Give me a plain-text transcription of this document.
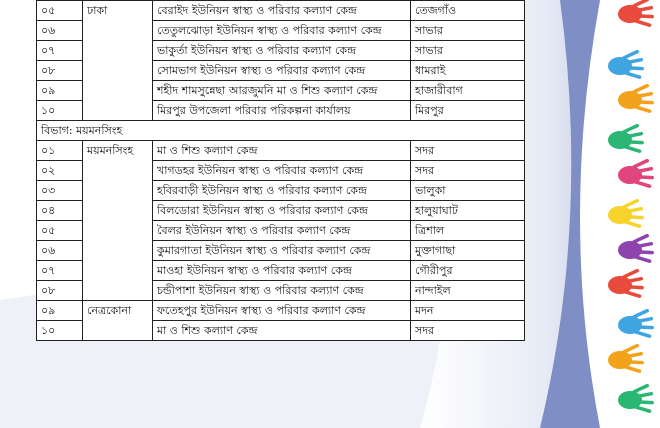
০৫	ঢাকা	বেরাইদ ইউনিয়ন স্বাস্থ্য ও পরিবার কল্যাণ কেন্দ্র	তেজগাঁও
০৬		তেতুলঝোড়া ইউনিয়ন স্বাস্থ্য ও পরিবার কল্যাণ কেন্দ্র	সাভার
০৭		ভাকুর্তা ইউনিয়ন স্বাস্থ্য ও পরিবার কল্যাণ কেন্দ্র	সাভার
০৮		সোমভাগ ইউনিয়ন স্বাস্থ্য ও পরিবার কল্যাণ কেন্দ্র	ধামরাই
০৯		শহীদ শামসুন্নেছা আরজুমনি মা ও শিশু কল্যাণ কেন্দ্র	হাজারীবাগ
১০		মিরপুর উপজেলা পরিবার পরিকল্পনা কার্যালয়	মিরপুর
বিভাগ: ময়মনসিংহ			
০১	ময়মনসিংহ	মা ও শিশু কল্যাণ কেন্দ্র	সদর
০২		খাগডহর ইউনিয়ন স্বাস্থ্য ও পরিবার কল্যাণ কেন্দ্র	সদর
০৩		হবিরবাড়ী ইউনিয়ন স্বাস্থ্য ও পরিবার কল্যাণ কেন্দ্র	ভালুকা
০৪		বিলডোরা ইউনিয়ন স্বাস্থ্য ও পরিবার কল্যাণ কেন্দ্র	হালুয়াঘাট
০৫		বৈলর ইউনিয়ন স্বাস্থ্য ও পরিবার কল্যাণ কেন্দ্র	ত্রিশাল
০৬		কুমারগাতা ইউনিয়ন স্বাস্থ্য ও পরিবার কল্যাণ কেন্দ্র	মুক্তাগাছা
০৭		মাওহা ইউনিয়ন স্বাস্থ্য ও পরিবার কল্যাণ কেন্দ্র	গৌরীপুর
০৮		চন্ডীপাশা ইউনিয়ন স্বাস্থ্য ও পরিবার কল্যাণ কেন্দ্র	নান্দাইল
০৯	নেত্রকোনা	ফতেহপুর ইউনিয়ন স্বাস্থ্য ও পরিবার কল্যাণ কেন্দ্র	মদন
১০		মা ও শিশু কল্যাণ কেন্দ্র	সদর
